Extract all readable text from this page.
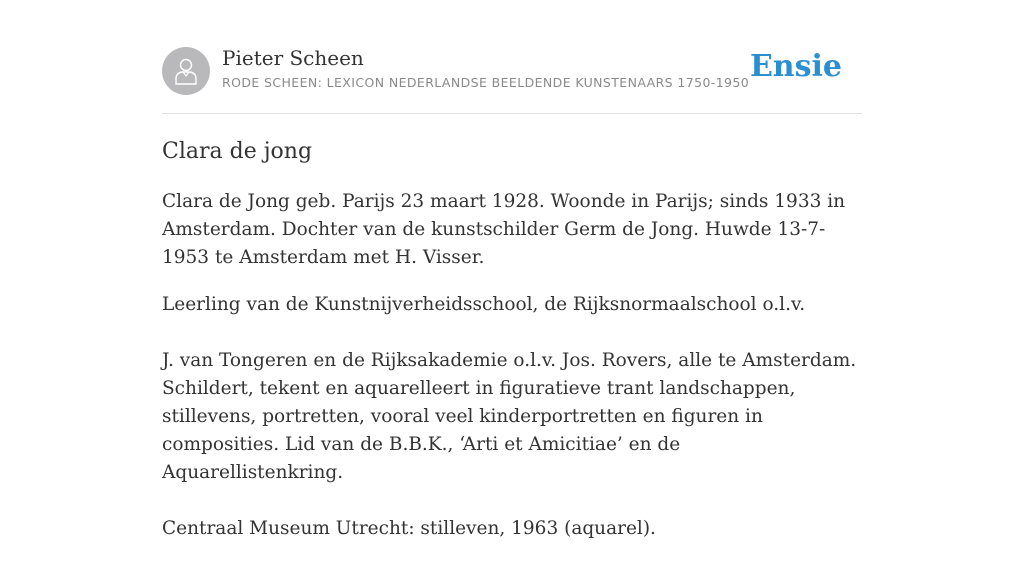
Pieter Scheen
RODE SCHEEN: LEXICON NEDERLANDSE BEELDENDE KUNSTENAARS 1750-1950 Ensie
Clara de jong

Clara de Jong geb. Parijs 23 maart 1928. Woonde in Parijs; sinds 1933 in Amsterdam. Dochter van de kunstschilder Germ de Jong. Huwde 13-7-1953 te Amsterdam met H. Visser.

Leerling van de Kunstnijverheidsschool, de Rijksnormaalschool o.l.v.

J. van Tongeren en de Rijksakademie o.l.v. Jos. Rovers, alle te Amsterdam. Schildert, tekent en aquarelleert in figuratieve trant landschappen, stillevens, portretten, vooral veel kinderportretten en figuren in composities. Lid van de B.B.K., ‘Arti et Amicitiae’ en de Aquarellistenkring.

Centraal Museum Utrecht: stilleven, 1963 (aquarel).
